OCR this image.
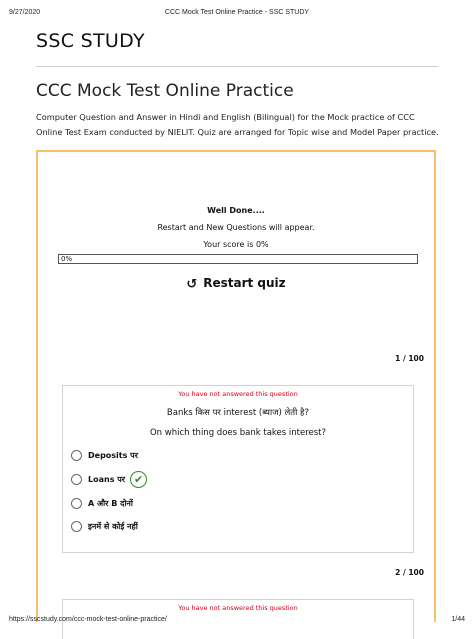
9/27/2020	CCC Mock Test Online Practice - SSC STUDY
SSC STUDY
CCC Mock Test Online Practice
Computer Question and Answer in Hindi and English (Bilingual) for the Mock practice of CCC Online Test Exam conducted by NIELIT. Quiz are arranged for Topic wise and Model Paper practice.
Well Done....
Restart and New Questions will appear.
Your score is 0%
0%
↺ Restart quiz
1 / 100
You have not answered this question
Banks किस पर interest (ब्याज) लेती है?
On which thing does bank takes interest?
Deposits पर
Loans पर ✔
A और B दोनों
इनमें से कोई नहीं
2 / 100
You have not answered this question
https://sscstudy.com/ccc-mock-test-online-practice/	1/44
